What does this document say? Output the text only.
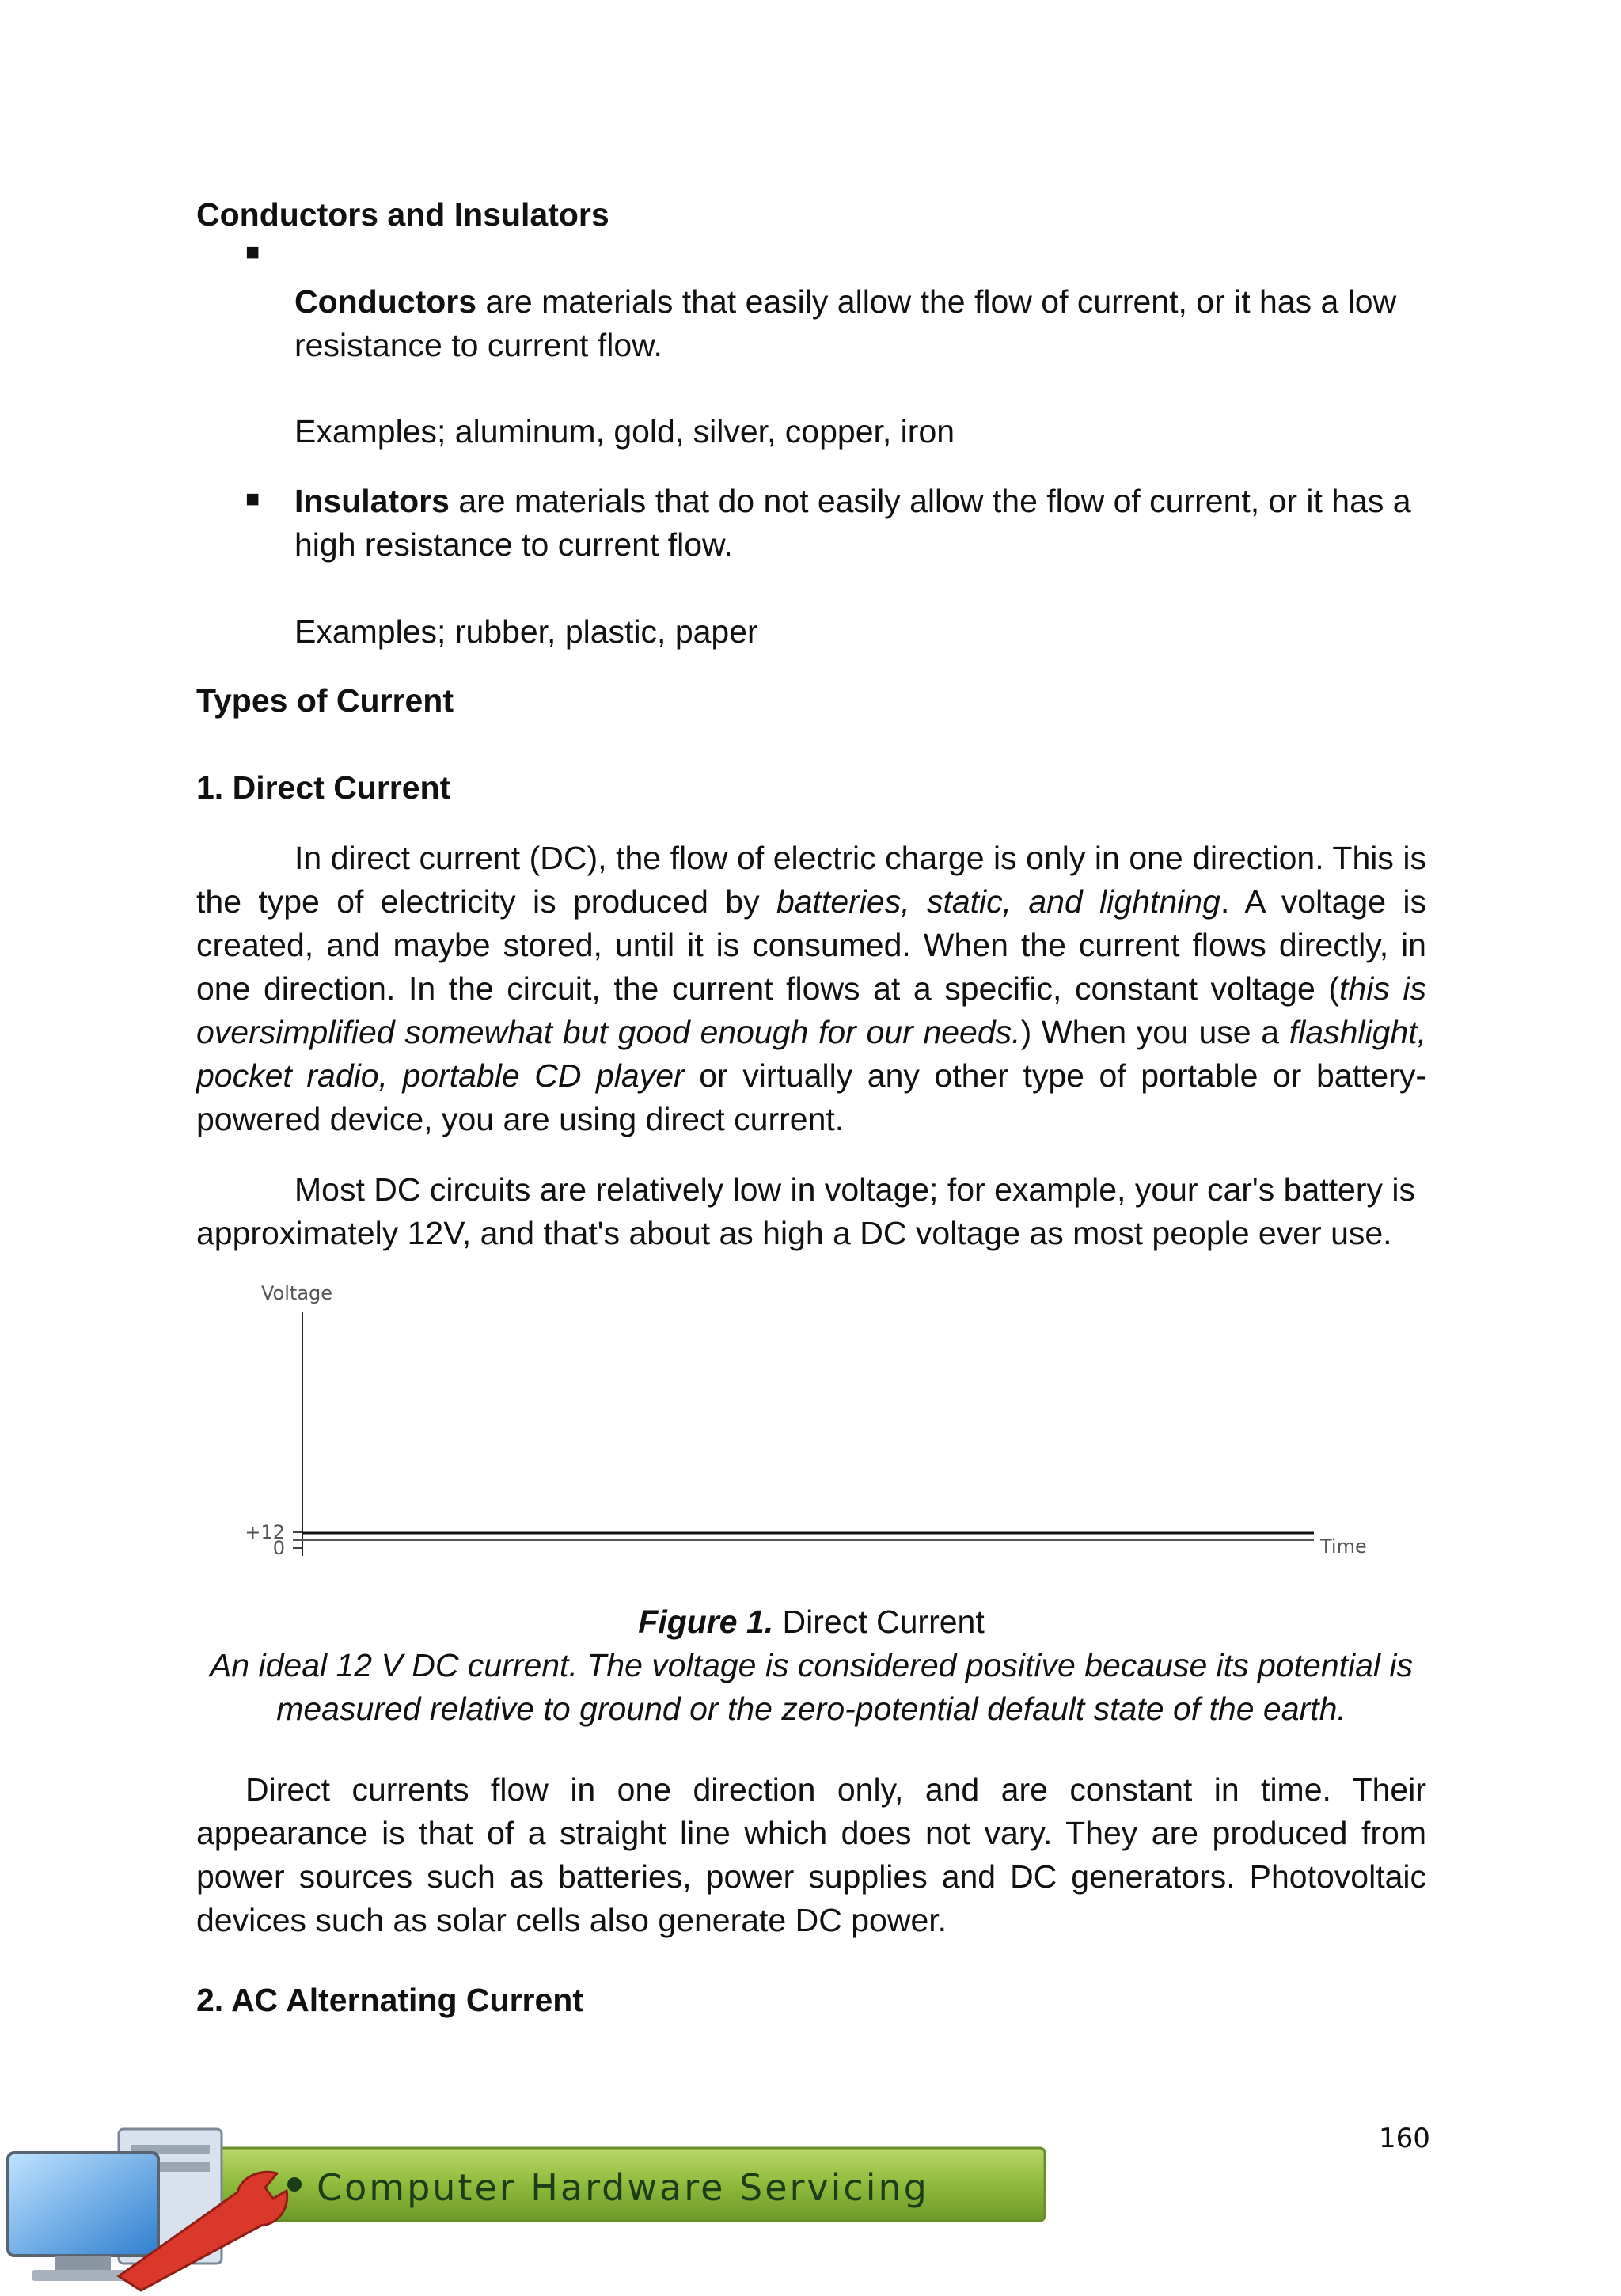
Conductors and Insulators
■
Conductors are materials that easily allow the flow of current, or it has a low resistance to current flow.
Examples; aluminum, gold, silver, copper, iron
■ Insulators are materials that do not easily allow the flow of current, or it has a high resistance to current flow.
Examples; rubber, plastic, paper
Types of Current
1. Direct Current
In direct current (DC), the flow of electric charge is only in one direction. This is the type of electricity is produced by batteries, static, and lightning. A voltage is created, and maybe stored, until it is consumed. When the current flows directly, in one direction. In the circuit, the current flows at a specific, constant voltage (this is oversimplified somewhat but good enough for our needs.) When you use a flashlight, pocket radio, portable CD player or virtually any other type of portable or battery-powered device, you are using direct current.
Most DC circuits are relatively low in voltage; for example, your car's battery is approximately 12V, and that's about as high a DC voltage as most people ever use.
Voltage
Time
+12
0
Figure 1. Direct Current
An ideal 12 V DC current. The voltage is considered positive because its potential is measured relative to ground or the zero-potential default state of the earth.
Direct currents flow in one direction only, and are constant in time. Their appearance is that of a straight line which does not vary. They are produced from power sources such as batteries, power supplies and DC generators. Photovoltaic devices such as solar cells also generate DC power.
2. AC Alternating Current
160
Computer Hardware Servicing
